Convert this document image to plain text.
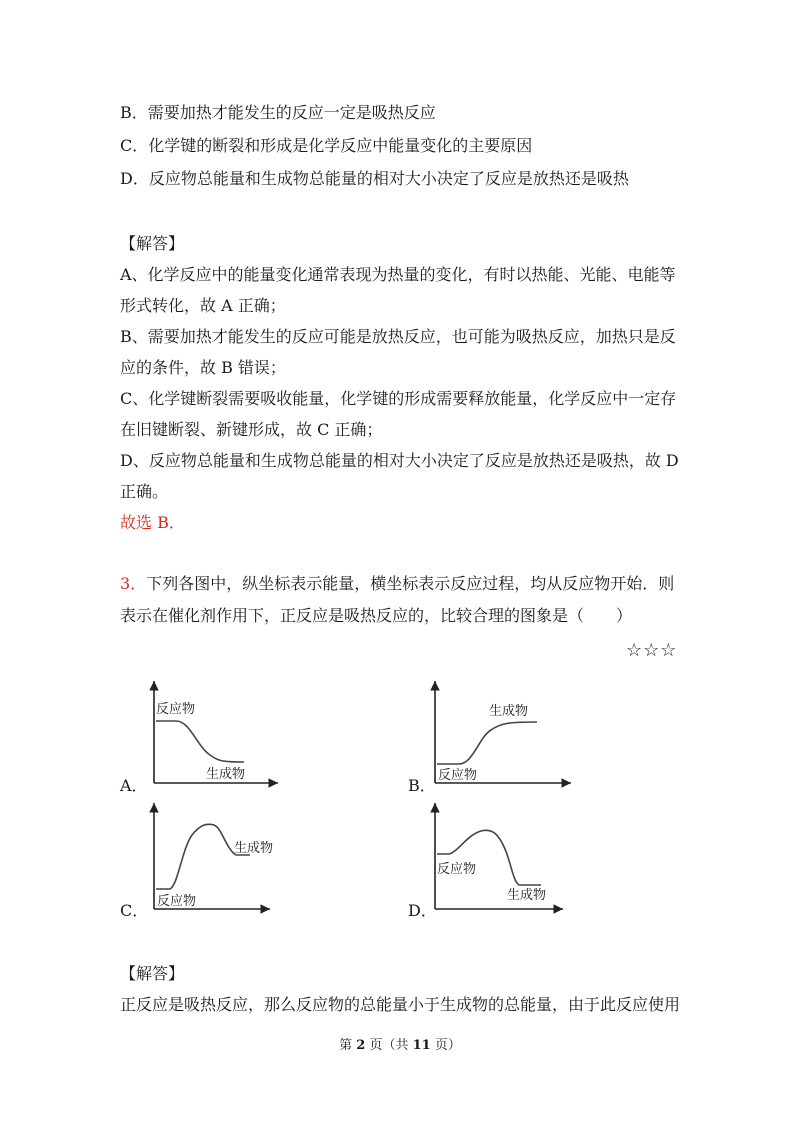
B．需要加热才能发生的反应一定是吸热反应
C．化学键的断裂和形成是化学反应中能量变化的主要原因
D．反应物总能量和生成物总能量的相对大小决定了反应是放热还是吸热
【解答】
A、化学反应中的能量变化通常表现为热量的变化，有时以热能、光能、电能等
形式转化，故 A 正确；
B、需要加热才能发生的反应可能是放热反应，也可能为吸热反应，加热只是反
应的条件，故 B 错误；
C、化学键断裂需要吸收能量，化学键的形成需要释放能量，化学反应中一定存
在旧键断裂、新键形成，故 C 正确；
D、反应物总能量和生成物总能量的相对大小决定了反应是放热还是吸热，故 D
正确。
故选 B．
3．下列各图中，纵坐标表示能量，横坐标表示反应过程，均从反应物开始．则
表示在催化剂作用下，正反应是吸热反应的，比较合理的图象是（　　）
☆☆☆
A．
反应物
生成物
B．
生成物
反应物
C．
生成物
反应物	D．
反应物
生成物
【解答】
正反应是吸热反应，那么反应物的总能量小于生成物的总能量，由于此反应使用
第 2 页（共 11 页）
